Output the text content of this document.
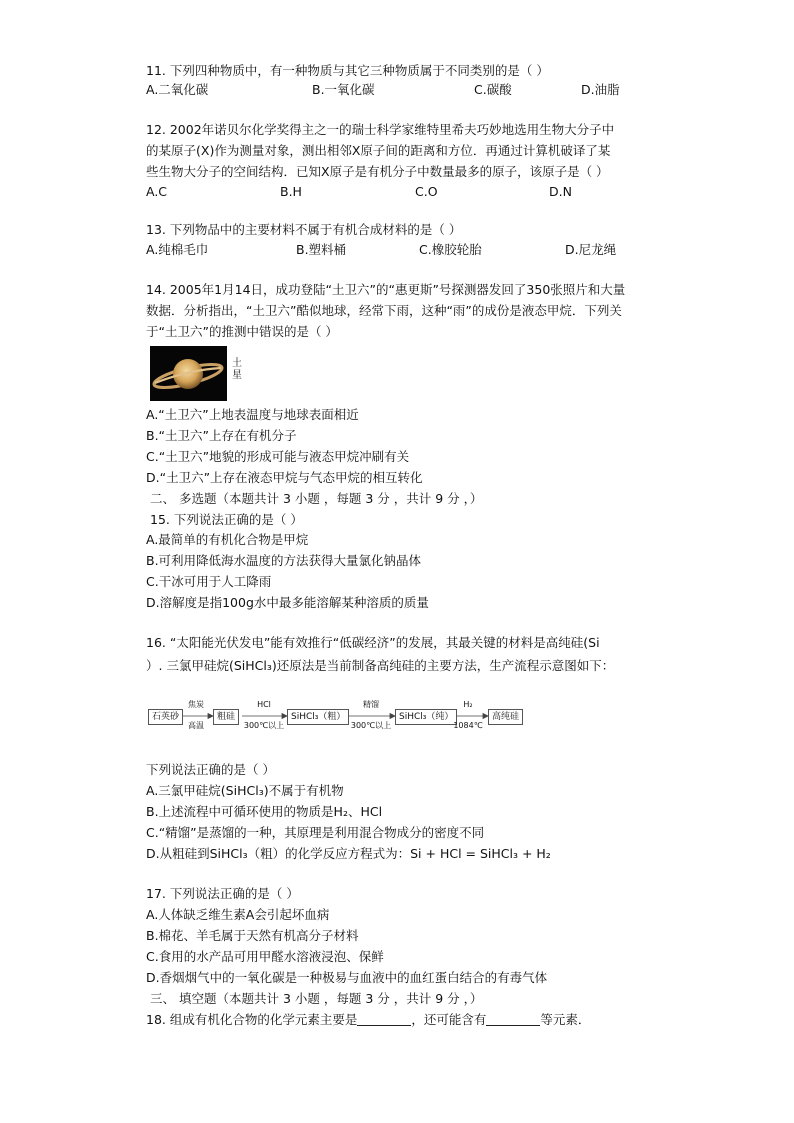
11. 下列四种物质中，有一种物质与其它三种物质属于不同类别的是（ ）
A.二氧化碳	B.一氧化碳	C.碳酸	D.油脂
12. 2002年诺贝尔化学奖得主之一的瑞士科学家维特里希夫巧妙地选用生物大分子中
的某原子(X)作为测量对象，测出相邻X原子间的距离和方位．再通过计算机破译了某
些生物大分子的空间结构．已知X原子是有机分子中数量最多的原子，该原子是（ ）
A.C	B.H	C.O	D.N
13. 下列物品中的主要材料不属于有机合成材料的是（ ）
A.纯棉毛巾	B.塑料桶	C.橡胶轮胎	D.尼龙绳
14. 2005年1月14日，成功登陆“土卫六”的“惠更斯”号探测器发回了350张照片和大量
数据．分析指出，“土卫六”酷似地球，经常下雨，这种“雨”的成份是液态甲烷．下列关
于“土卫六”的推测中错误的是（ ）
土星
A.“土卫六”上地表温度与地球表面相近
B.“土卫六”上存在有机分子
C.“土卫六”地貌的形成可能与液态甲烷冲刷有关
D.“土卫六”上存在液态甲烷与气态甲烷的相互转化
二、 多选题（本题共计 3 小题 ，每题 3 分 ，共计 9 分 ，）
15. 下列说法正确的是（ ）
A.最简单的有机化合物是甲烷
B.可利用降低海水温度的方法获得大量氯化钠晶体
C.干冰可用于人工降雨
D.溶解度是指100g水中最多能溶解某种溶质的质量
16. “太阳能光伏发电”能有效推行“低碳经济”的发展，其最关键的材料是高纯硅(Si
）. 三氯甲硅烷(SiHCl₃)还原法是当前制备高纯硅的主要方法，生产流程示意图如下：
石英砂	粗硅	SiHCl₃（粗）	SiHCl₃（纯）	高纯硅
焦炭
高温
HCl
300℃以上
精馏
300℃以上
H₂
1084℃
下列说法正确的是（ ）
A.三氯甲硅烷(SiHCl₃)不属于有机物
B.上述流程中可循环使用的物质是H₂、HCl
C.“精馏”是蒸馏的一种，其原理是利用混合物成分的密度不同
D.从粗硅到SiHCl₃（粗）的化学反应方程式为：Si + HCl = SiHCl₃ + H₂
17. 下列说法正确的是（ ）
A.人体缺乏维生素A会引起坏血病
B.棉花、羊毛属于天然有机高分子材料
C.食用的水产品可用甲醛水溶液浸泡、保鲜
D.香烟烟气中的一氧化碳是一种极易与血液中的血红蛋白结合的有毒气体
三、 填空题（本题共计 3 小题 ，每题 3 分 ，共计 9 分 ，）
18. 组成有机化合物的化学元素主要是	，还可能含有	等元素．
